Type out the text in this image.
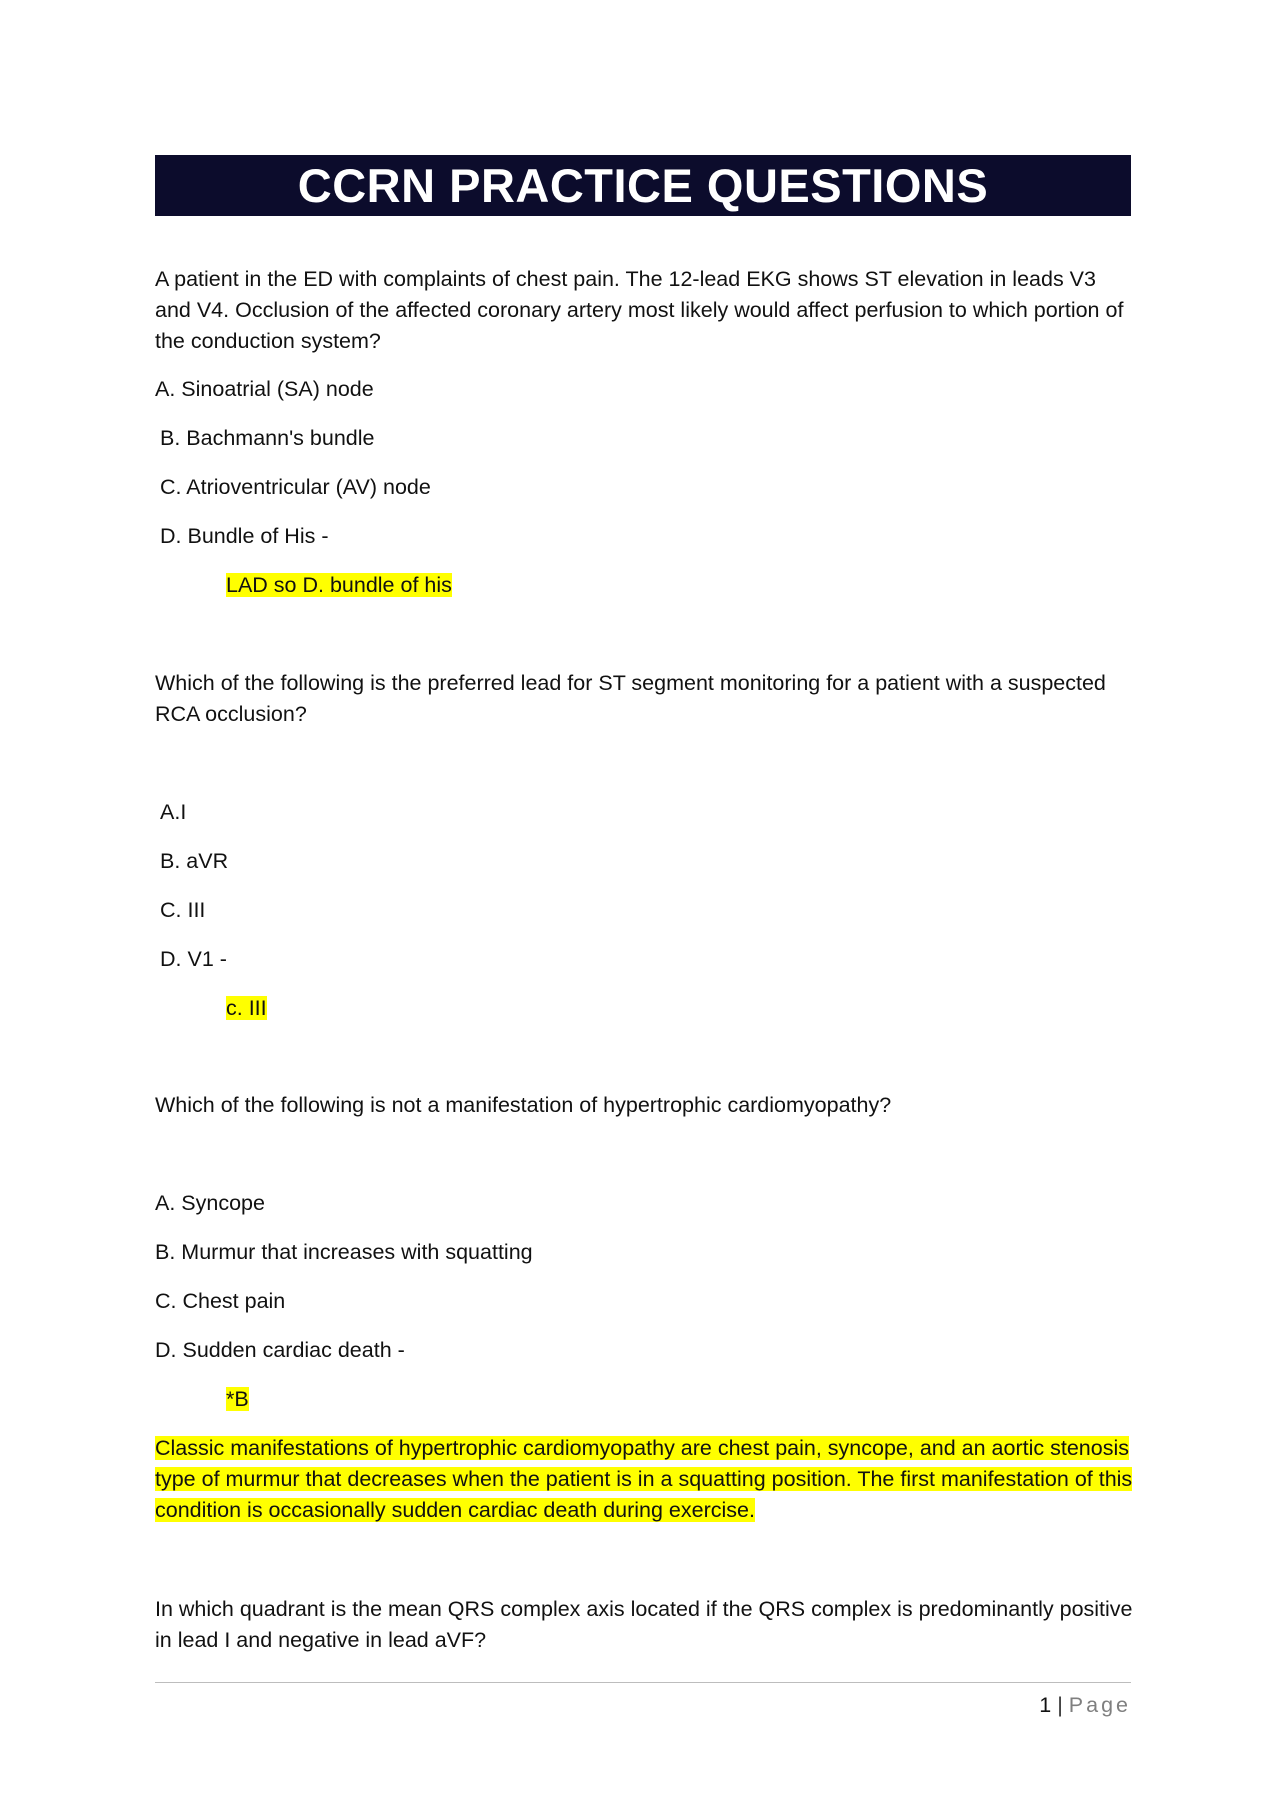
CCRN PRACTICE QUESTIONS

A patient in the ED with complaints of chest pain. The 12-lead EKG shows ST elevation in leads V3 and V4. Occlusion of the affected coronary artery most likely would affect perfusion to which portion of the conduction system?

A. Sinoatrial (SA) node
B. Bachmann's bundle
C. Atrioventricular (AV) node
D. Bundle of His -
LAD so D. bundle of his

Which of the following is the preferred lead for ST segment monitoring for a patient with a suspected RCA occlusion?

A.I
B. aVR
C. III
D. V1 -
c. III

Which of the following is not a manifestation of hypertrophic cardiomyopathy?

A. Syncope
B. Murmur that increases with squatting
C. Chest pain
D. Sudden cardiac death -
*B
Classic manifestations of hypertrophic cardiomyopathy are chest pain, syncope, and an aortic stenosis type of murmur that decreases when the patient is in a squatting position. The first manifestation of this condition is occasionally sudden cardiac death during exercise.

In which quadrant is the mean QRS complex axis located if the QRS complex is predominantly positive in lead I and negative in lead aVF?

1 | Page
